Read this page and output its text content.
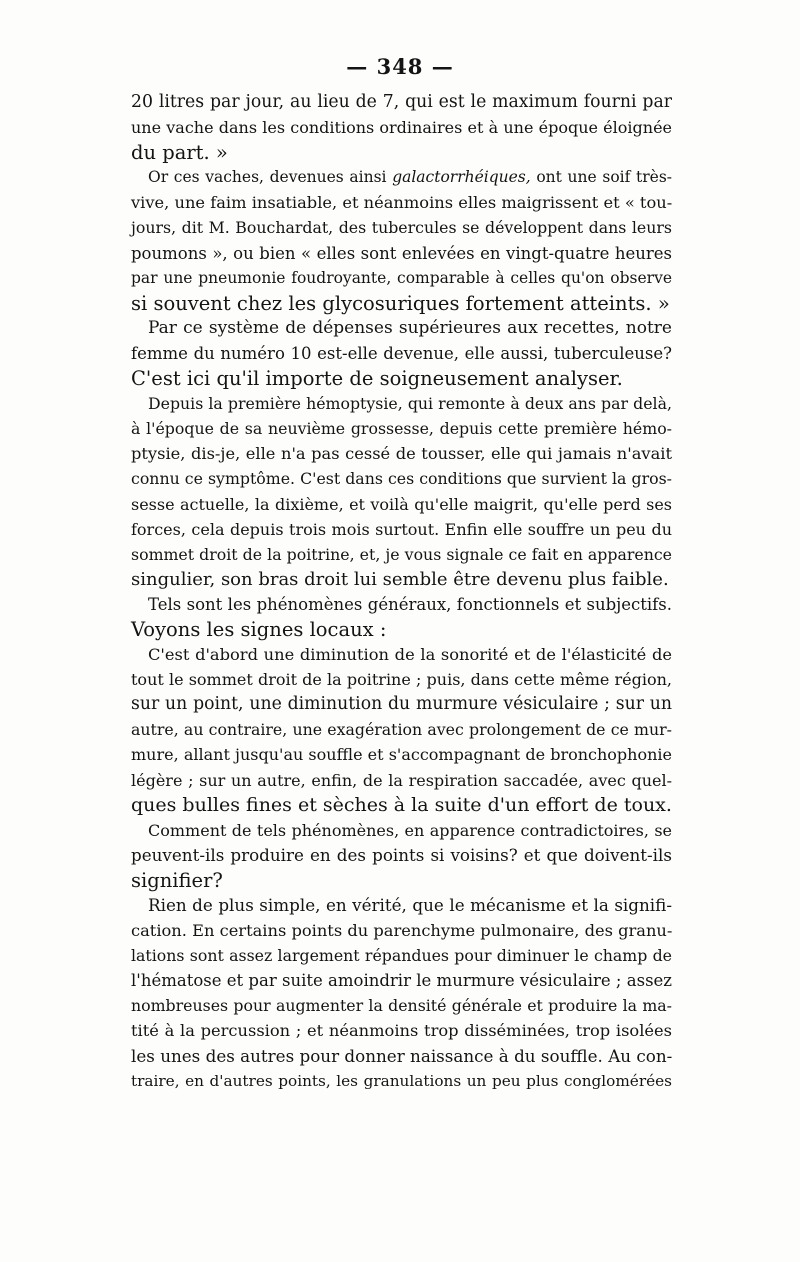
— 348 —
20 litres par jour, au lieu de 7, qui est le maximum fourni par
une vache dans les conditions ordinaires et à une époque éloignée
du part. »
Or ces vaches, devenues ainsi galactorrhéiques, ont une soif très-
vive, une faim insatiable, et néanmoins elles maigrissent et « tou-
jours, dit M. Bouchardat, des tubercules se développent dans leurs
poumons », ou bien « elles sont enlevées en vingt-quatre heures
par une pneumonie foudroyante, comparable à celles qu'on observe
si souvent chez les glycosuriques fortement atteints. »
Par ce système de dépenses supérieures aux recettes, notre
femme du numéro 10 est-elle devenue, elle aussi, tuberculeuse?
C'est ici qu'il importe de soigneusement analyser.
Depuis la première hémoptysie, qui remonte à deux ans par delà,
à l'époque de sa neuvième grossesse, depuis cette première hémo-
ptysie, dis-je, elle n'a pas cessé de tousser, elle qui jamais n'avait
connu ce symptôme. C'est dans ces conditions que survient la gros-
sesse actuelle, la dixième, et voilà qu'elle maigrit, qu'elle perd ses
forces, cela depuis trois mois surtout. Enfin elle souffre un peu du
sommet droit de la poitrine, et, je vous signale ce fait en apparence
singulier, son bras droit lui semble être devenu plus faible.
Tels sont les phénomènes généraux, fonctionnels et subjectifs.
Voyons les signes locaux :
C'est d'abord une diminution de la sonorité et de l'élasticité de
tout le sommet droit de la poitrine ; puis, dans cette même région,
sur un point, une diminution du murmure vésiculaire ; sur un
autre, au contraire, une exagération avec prolongement de ce mur-
mure, allant jusqu'au souffle et s'accompagnant de bronchophonie
légère ; sur un autre, enfin, de la respiration saccadée, avec quel-
ques bulles fines et sèches à la suite d'un effort de toux.
Comment de tels phénomènes, en apparence contradictoires, se
peuvent-ils produire en des points si voisins? et que doivent-ils
signifier?
Rien de plus simple, en vérité, que le mécanisme et la signifi-
cation. En certains points du parenchyme pulmonaire, des granu-
lations sont assez largement répandues pour diminuer le champ de
l'hématose et par suite amoindrir le murmure vésiculaire ; assez
nombreuses pour augmenter la densité générale et produire la ma-
tité à la percussion ; et néanmoins trop disséminées, trop isolées
les unes des autres pour donner naissance à du souffle. Au con-
traire, en d'autres points, les granulations un peu plus conglomérées
